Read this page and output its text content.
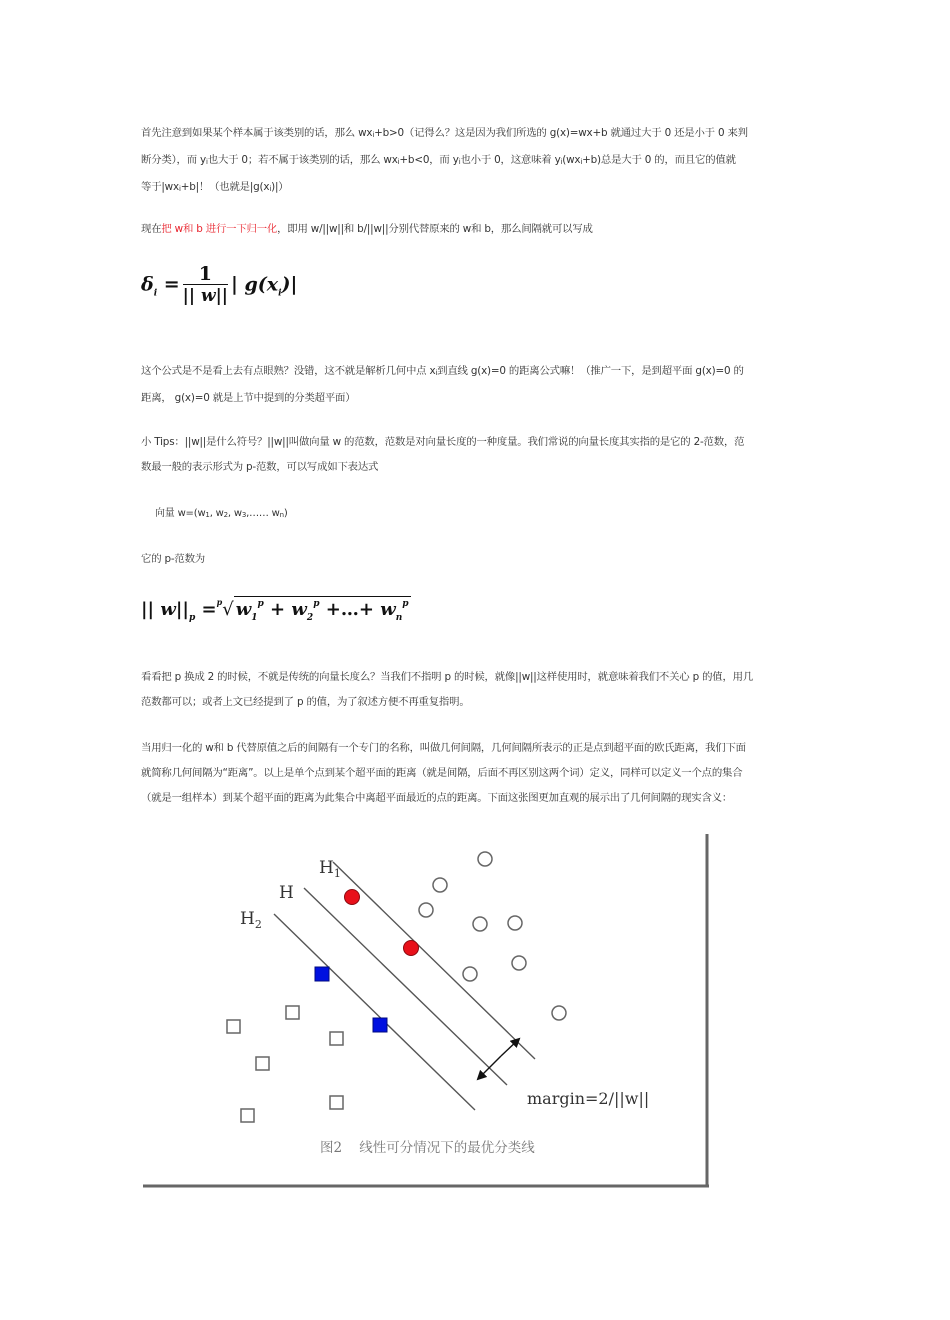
首先注意到如果某个样本属于该类别的话，那么 $wx_i+b>0$（记得么？这是因为我们所选的 g(x)=wx+b 就通过大于 0 还是小于 0 来判
断分类），而 $y_i$也大于 0；若不属于该类别的话，那么 $wx_i+b<0$，而 $y_i$也小于 0，这意味着 $y_i(wx_i+b)$总是大于 0 的，而且它的值就
等于$|wx_i+b|$！（也就是$|g(x_i)|$）
现在把 w和 b 进行一下归一化，即用 w/||w||和 b/||w||分别代替原来的 w和 b，那么间隔就可以写成
$\delta_i = \frac{1}{|| w||}$ | $g(x_i)|$
这个公式是不是看上去有点眼熟？没错，这不就是解析几何中点 $x_i$到直线 g(x)=0 的距离公式嘛！（推广一下，是到超平面 g(x)=0 的
距离， g(x)=0 就是上节中提到的分类超平面）
小 Tips：||w||是什么符号？||w||叫做向量 w 的范数，范数是对向量长度的一种度量。我们常说的向量长度其实指的是它的 2-范数，范
数最一般的表示形式为 p-范数，可以写成如下表达式
向量 $w=(w_1$, $w_2$, $w_3,\dots\dots$ $w_n$)
它的 p-范数为
|| $w||_p =^p√$ $w_1^p + w_2^p$ +…+ $w_n^p$
看看把 p 换成 2 的时候，不就是传统的向量长度么？当我们不指明 p 的时候，就像||w||这样使用时，就意味着我们不关心 p 的值，用几
范数都可以；或者上文已经提到了 p 的值，为了叙述方便不再重复指明。
当用归一化的 w和 b 代替原值之后的间隔有一个专门的名称，叫做几何间隔，几何间隔所表示的正是点到超平面的欧氏距离，我们下面
就简称几何间隔为“距离”。以上是单个点到某个超平面的距离（就是间隔，后面不再区别这两个词）定义，同样可以定义一个点的集合
（就是一组样本）到某个超平面的距离为此集合中离超平面最近的点的距离。下面这张图更加直观的展示出了几何间隔的现实含义：
$H_1$
H
$H_2$
margin=2/||w||
图2    线性可分情况下的最优分类线
